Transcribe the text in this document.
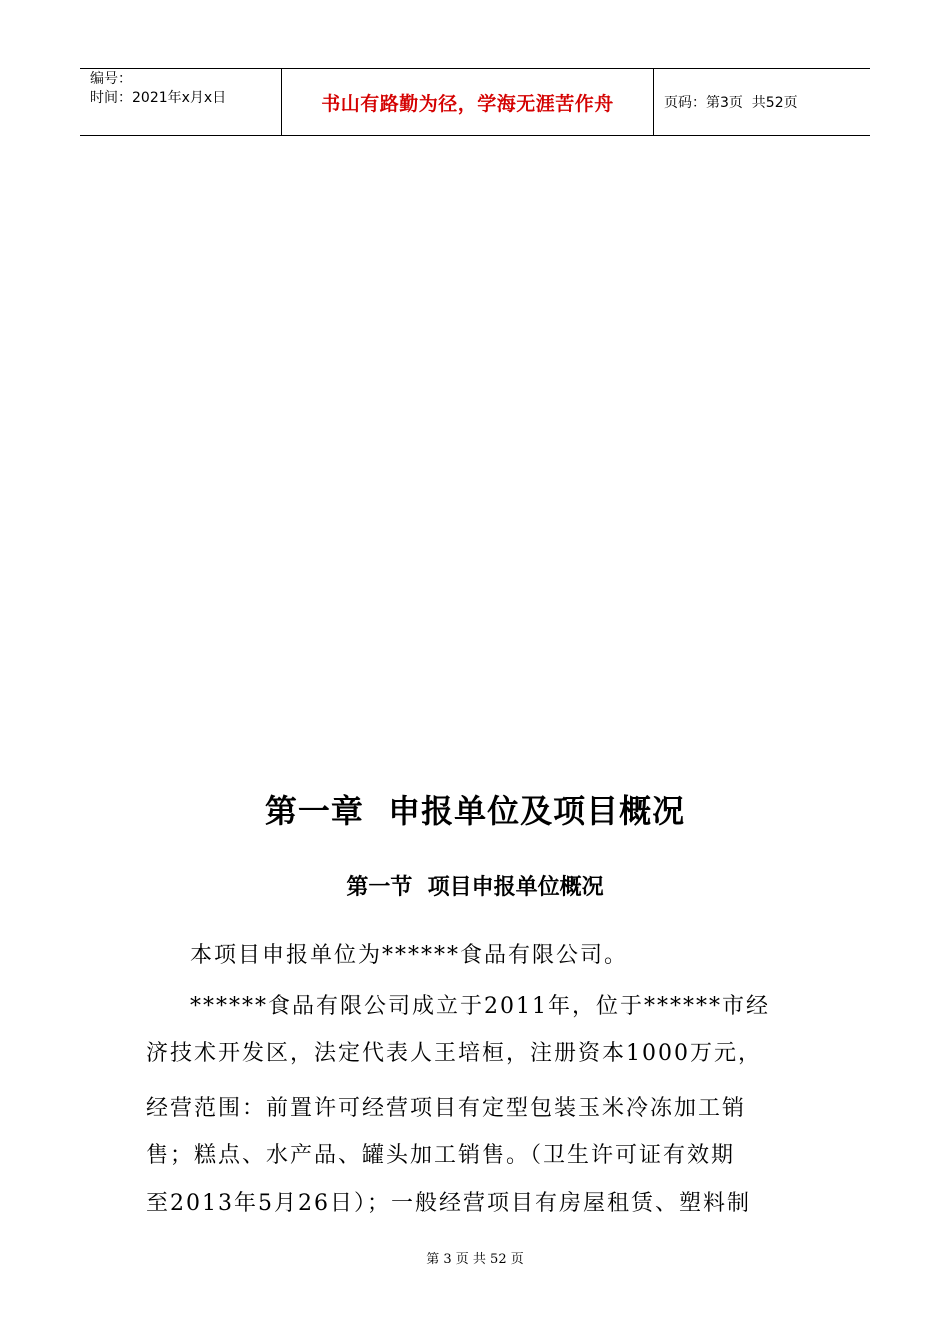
编号：
时间：2021年x月x日	书山有路勤为径，学海无涯苦作舟	页码：第3页  共52页
第一章  申报单位及项目概况
第一节  项目申报单位概况
本项目申报单位为******食品有限公司。
******食品有限公司成立于2011年，位于******市经
济技术开发区，法定代表人王培桓，注册资本1000万元，
经营范围：前置许可经营项目有定型包装玉米冷冻加工销
售；糕点、水产品、罐头加工销售。（卫生许可证有效期
至2013年5月26日）；一般经营项目有房屋租赁、塑料制
第 3 页 共 52 页
